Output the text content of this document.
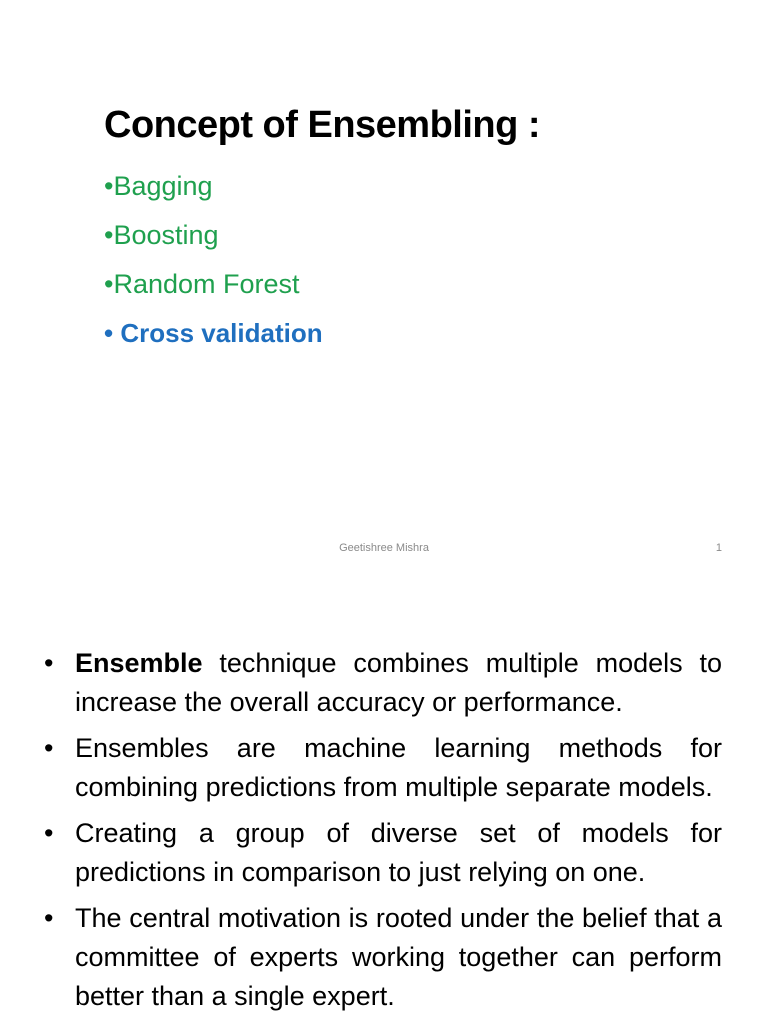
Concept of Ensembling :
•Bagging
•Boosting
•Random Forest
• Cross validation
Geetishree Mishra	1
• Ensemble technique combines multiple models to increase the overall accuracy or performance.
• Ensembles are machine learning methods for combining predictions from multiple separate models.
• Creating a group of diverse set of models for predictions in comparison to just relying on one.
• The central motivation is rooted under the belief that a committee of experts working together can perform better than a single expert.
